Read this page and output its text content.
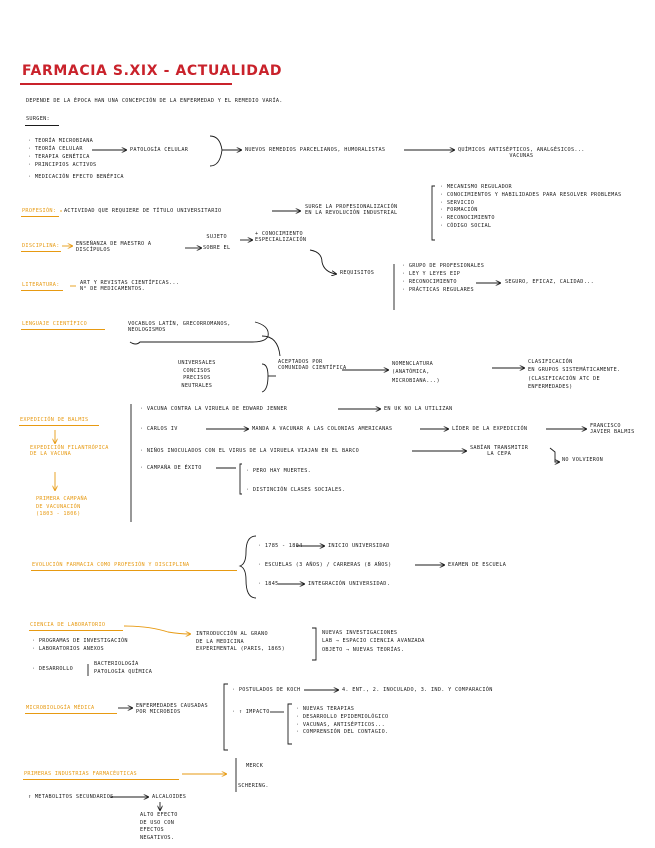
FARMACIA S.XIX - ACTUALIDAD
DEPENDE DE LA ÉPOCA HAN UNA CONCEPCIÓN DE LA ENFERMEDAD Y EL REMEDIO VARÍA.
SURGEN:
· TEORÍA MICROBIANA
· TEORÍA CELULAR
· TERAPIA GENÉTICA
· PRINCIPIOS ACTIVOS
· MEDICACIÓN EFECTO BENÉFICA
PATOLOGÍA CELULAR	NUEVOS REMEDIOS PARCELIANOS, HUMORALISTAS	QUÍMICOS ANTISÉPTICOS, ANALGÉSICOS...
VACUNAS
PROFESIÓN: ACTIVIDAD QUE REQUIERE DE TÍTULO UNIVERSITARIO
SURGE LA PROFESIONALIZACIÓN
EN LA REVOLUCIÓN INDUSTRIAL
· MECANISMO REGULADOR
· CONOCIMIENTOS Y HABILIDADES PARA RESOLVER PROBLEMAS
· SERVICIO
· FORMACIÓN
· RECONOCIMIENTO
· CÓDIGO SOCIAL
DISCIPLINA:	ENSEÑANZA DE MAESTRO A
DISCÍPULOS
SUJETO
SOBRE EL
+ CONOCIMIENTO
ESPECIALIZACIÓN
REQUISITOS
· GRUPO DE PROFESIONALES
· LEY Y LEYES EIP
· RECONOCIMIENTO
· PRÁCTICAS REGULARES
SEGURO, EFICAZ, CALIDAD...
LITERATURA:	ART Y REVISTAS CIENTÍFICAS...
N° DE MEDICAMENTOS.
LENGUAJE CIENTÍFICO	VOCABLOS LATÍN, GRECORROMANOS,
NEOLOGISMOS
UNIVERSALES
CONCISOS
PRECISOS
NEUTRALES
ACEPTADOS POR
COMUNIDAD CIENTÍFICA
NOMENCLATURA
(ANATÓMICA,
MICROBIANA...)
CLASIFICACIÓN
EN GRUPOS SISTEMÁTICAMENTE.
(CLASIFICACIÓN ATC DE
ENFERMEDADES)
EXPEDICIÓN DE BALMIS
EXPEDICIÓN FILANTRÓPICA
DE LA VACUNA
PRIMERA CAMPAÑA
DE VACUNACIÓN
(1803 - 1806)
· VACUNA CONTRA LA VIRUELA DE EDWARD JENNER	EN UK NO LA UTILIZAN
· CARLOS IV	MANDA A VACUNAR A LAS COLONIAS AMERICANAS	LÍDER DE LA EXPEDICIÓN	FRANCISCO
JAVIER BALMIS
· NIÑOS INOCULADOS CON EL VIRUS DE LA VIRUELA VIAJAN EN EL BARCO	SABÍAN TRANSMITIR
LA CEPA
NO VOLVIERON
· CAMPAÑA DE ÉXITO	· PERO HAY MUERTES.
· DISTINCIÓN CLASES SOCIALES.
EVOLUCIÓN FARMACIA COMO PROFESIÓN Y DISCIPLINA
· 1785 - 1804	INICIO UNIVERSIDAD
· ESCUELAS (3 AÑOS) / CARRERAS (8 AÑOS)	EXAMEN DE ESCUELA
· 1845	INTEGRACIÓN UNIVERSIDAD.
CIENCIA DE LABORATORIO
· PROGRAMAS DE INVESTIGACIÓN
· LABORATORIOS ANEXOS
· DESARROLLO
BACTERIOLOGÍA
PATOLOGÍA QUÍMICA
INTRODUCCIÓN AL GRANO
DE LA MEDICINA
EXPERIMENTAL (PARIS, 1865)
NUEVAS INVESTIGACIONES
LAB → ESPACIO CIENCIA AVANZADA
OBJETO → NUEVAS TEORÍAS.
MICROBIOLOGÍA MÉDICA	ENFERMEDADES CAUSADAS
POR MICROBIOS
· POSTULADOS DE KOCH	4. ENT., 2. INOCULADO, 3. IND. Y COMPARACIÓN
· ↑ IMPACTO	· NUEVAS TERAPIAS
· DESARROLLO EPIDEMIOLÓGICO
· VACUNAS, ANTISÉPTICOS...
· COMPRENSIÓN DEL CONTAGIO.
PRIMERAS INDUSTRIAS FARMACÉUTICAS
MERCK
SCHERING.
↑ METABOLITOS SECUNDARIOS	ALCALOIDES
ALTO EFECTO
DE USO CON
EFECTOS
NEGATIVOS.
